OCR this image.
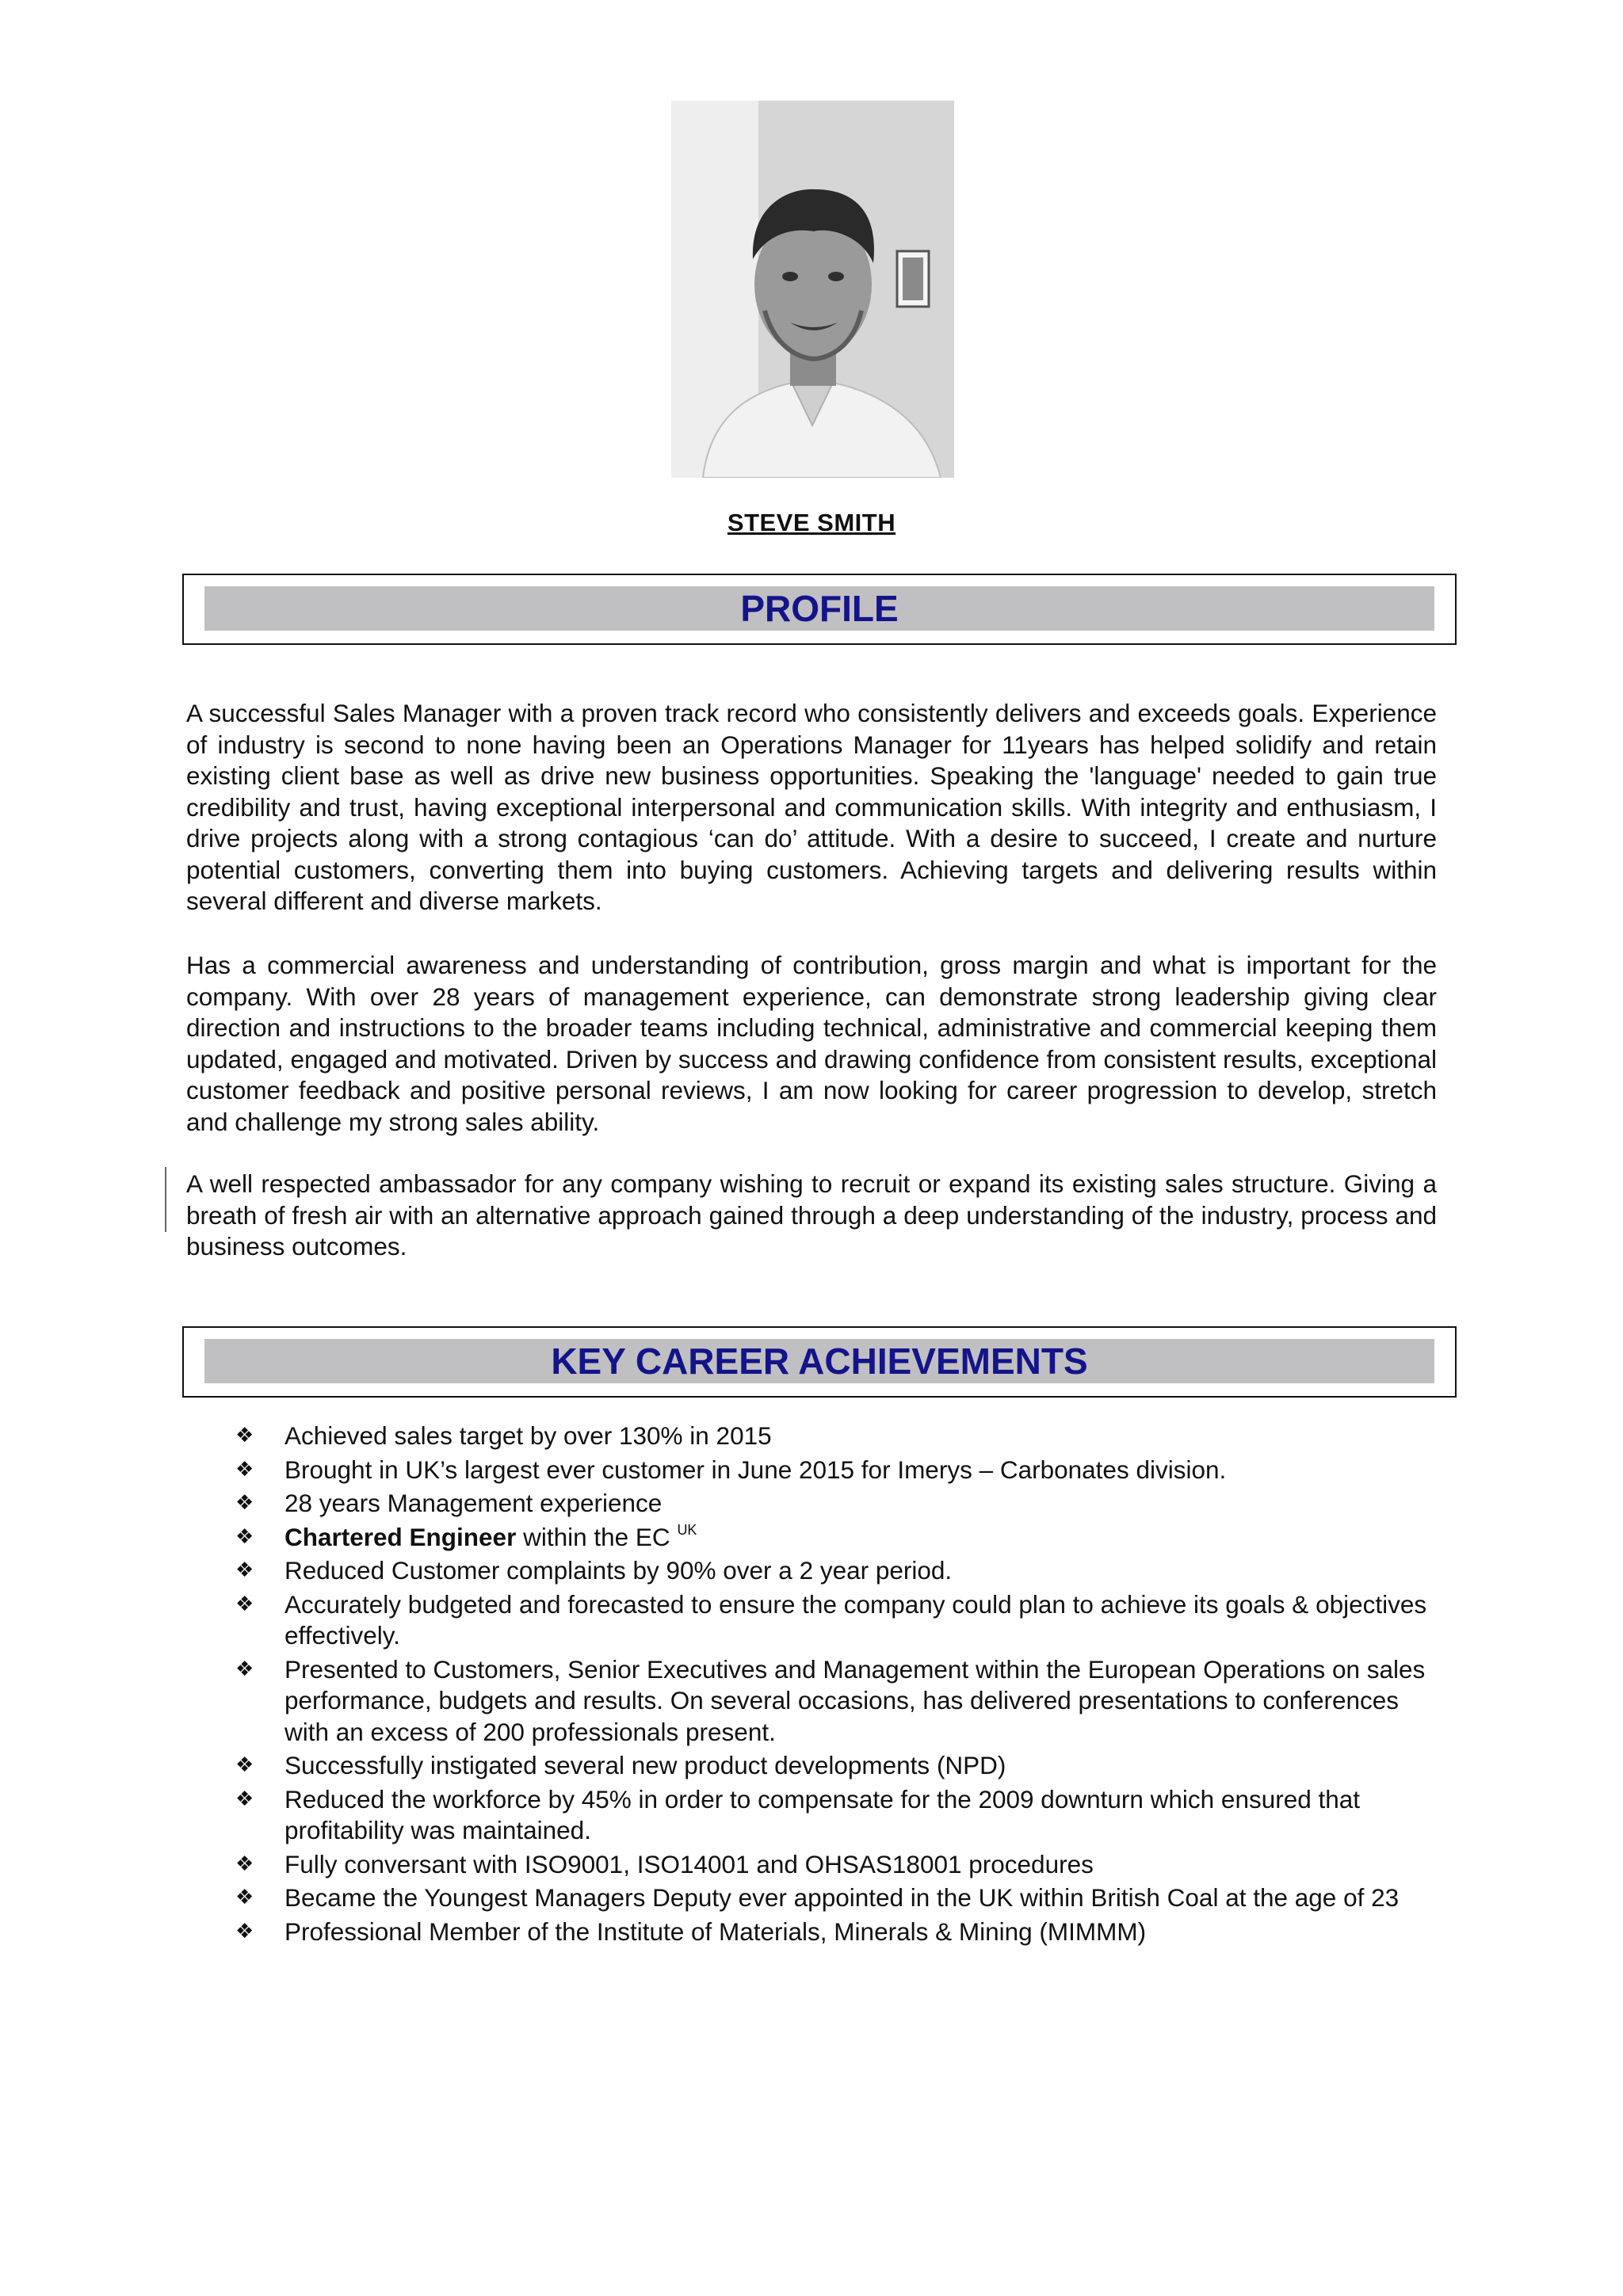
STEVE SMITH
PROFILE

A successful Sales Manager with a proven track record who consistently delivers and exceeds goals. Experience of industry is second to none having been an Operations Manager for 11years has helped solidify and retain existing client base as well as drive new business opportunities. Speaking the 'language' needed to gain true credibility and trust, having exceptional interpersonal and communication skills. With integrity and enthusiasm, I drive projects along with a strong contagious ‘can do’ attitude. With a desire to succeed, I create and nurture potential customers, converting them into buying customers. Achieving targets and delivering results within several different and diverse markets.

Has a commercial awareness and understanding of contribution, gross margin and what is important for the company. With over 28 years of management experience, can demonstrate strong leadership giving clear direction and instructions to the broader teams including technical, administrative and commercial keeping them updated, engaged and motivated. Driven by success and drawing confidence from consistent results, exceptional customer feedback and positive personal reviews, I am now looking for career progression to develop, stretch and challenge my strong sales ability.

A well respected ambassador for any company wishing to recruit or expand its existing sales structure. Giving a breath of fresh air with an alternative approach gained through a deep understanding of the industry, process and business outcomes.

KEY CAREER ACHIEVEMENTS
❖ Achieved sales target by over 130% in 2015
❖ Brought in UK’s largest ever customer in June 2015 for Imerys – Carbonates division.
❖ 28 years Management experience
❖ Chartered Engineer within the EC $^{UK}$
❖ Reduced Customer complaints by 90% over a 2 year period.
❖ Accurately budgeted and forecasted to ensure the company could plan to achieve its goals & objectives effectively.
❖ Presented to Customers, Senior Executives and Management within the European Operations on sales performance, budgets and results. On several occasions, has delivered presentations to conferences with an excess of 200 professionals present.
❖ Successfully instigated several new product developments (NPD)
❖ Reduced the workforce by 45% in order to compensate for the 2009 downturn which ensured that profitability was maintained.
❖ Fully conversant with ISO9001, ISO14001 and OHSAS18001 procedures
❖ Became the Youngest Managers Deputy ever appointed in the UK within British Coal at the age of 23
❖ Professional Member of the Institute of Materials, Minerals & Mining (MIMMM)
